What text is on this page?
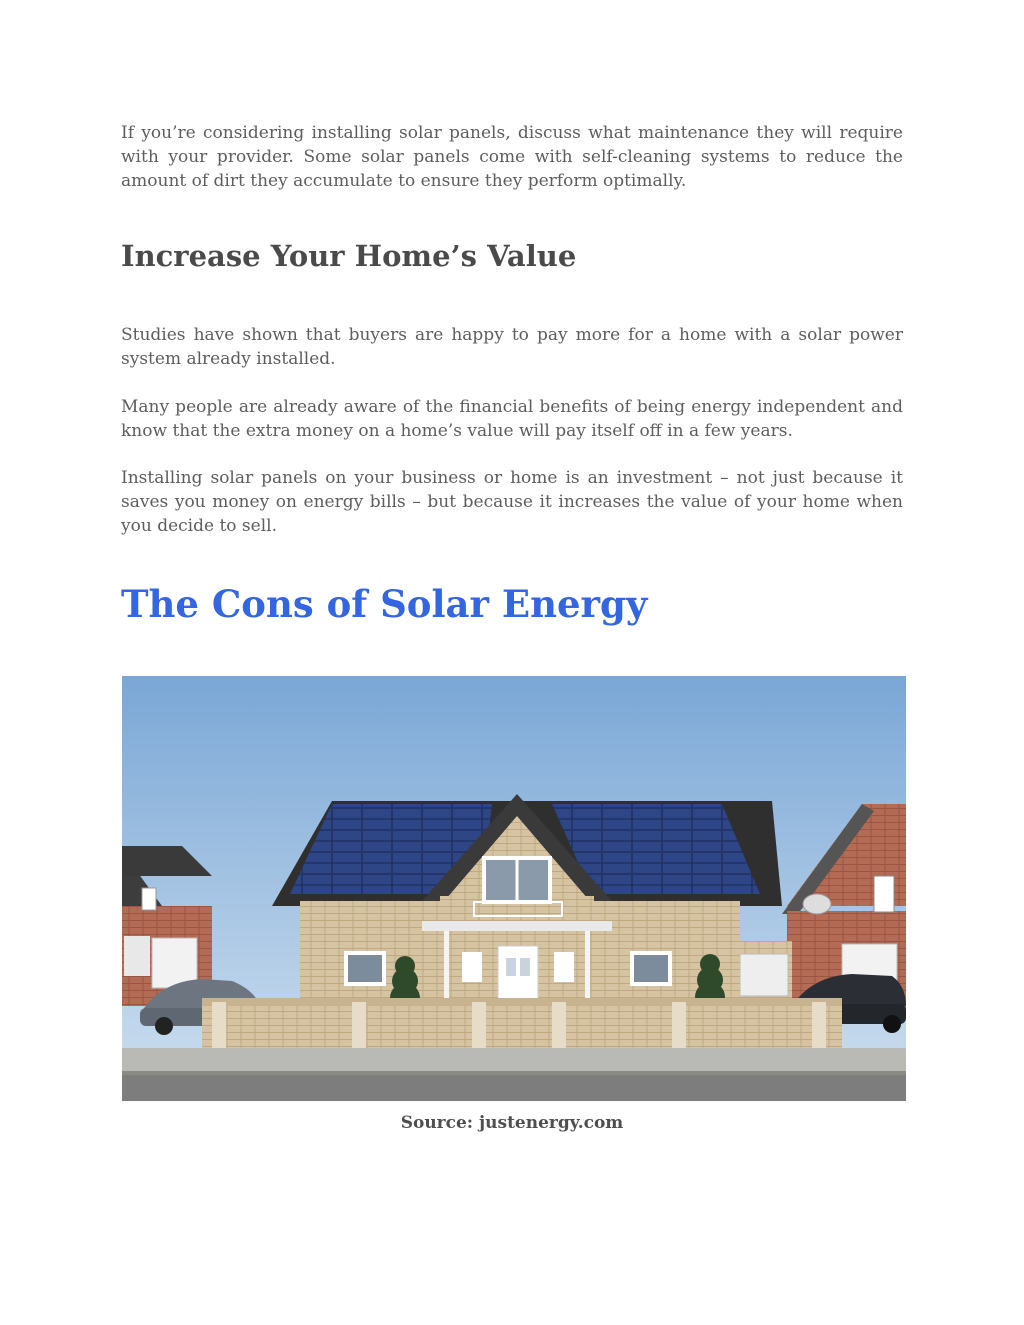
If you’re considering installing solar panels, discuss what maintenance they will require with your provider. Some solar panels come with self-cleaning systems to reduce the amount of dirt they accumulate to ensure they perform optimally.

Increase Your Home’s Value

Studies have shown that buyers are happy to pay more for a home with a solar power system already installed.

Many people are already aware of the financial benefits of being energy independent and know that the extra money on a home’s value will pay itself off in a few years.

Installing solar panels on your business or home is an investment – not just because it saves you money on energy bills – but because it increases the value of your home when you decide to sell.

The Cons of Solar Energy
Source: justenergy.com
